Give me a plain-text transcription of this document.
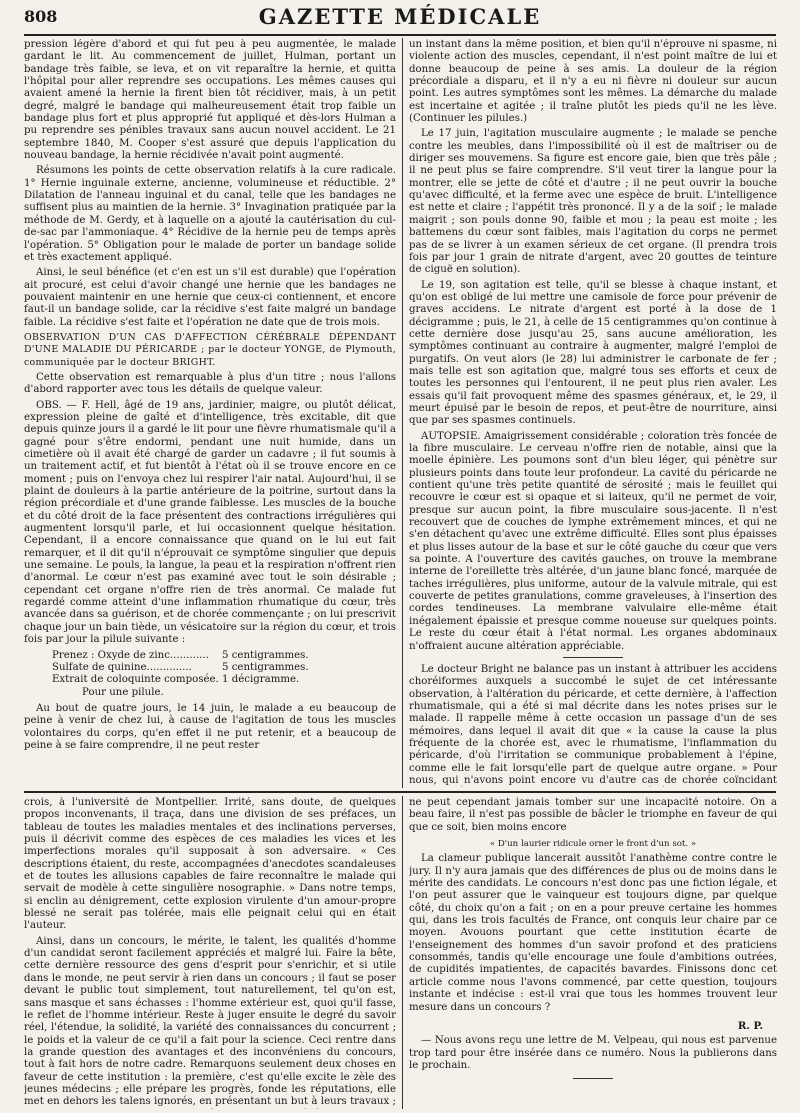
808	GAZETTE MÉDICALE

pression légère d'abord et qui fut peu à peu augmentée, le malade gardant le lit. Au commencement de juillet, Hulman, portant un bandage très faible, se leva, et on vit reparaître la hernie, et quitta l'hôpital pour aller reprendre ses occupations. Les mêmes causes qui avaient amené la hernie la firent bien tôt récidiver, mais, à un petit degré, malgré le bandage qui malheureusement était trop faible un bandage plus fort et plus approprié fut appliqué et dès-lors Hulman a pu reprendre ses pénibles travaux sans aucun nouvel accident. Le 21 septembre 1840, M. Cooper s'est assuré que depuis l'application du nouveau bandage, la hernie récidivée n'avait point augmenté.

Résumons les points de cette observation relatifs à la cure radicale. 1° Hernie inguinale externe, ancienne, volumineuse et réductible. 2° Dilatation de l'anneau inguinal et du canal, telle que les bandages ne suffisent plus au maintien de la hernie. 3° Invagination pratiquée par la méthode de M. Gerdy, et à laquelle on a ajouté la cautérisation du cul-de-sac par l'ammoniaque. 4° Récidive de la hernie peu de temps après l'opération. 5° Obligation pour le malade de porter un bandage solide et très exactement appliqué.

Ainsi, le seul bénéfice (et c'en est un s'il est durable) que l'opération ait procuré, est celui d'avoir changé une hernie que les bandages ne pouvaient maintenir en une hernie que ceux-ci contiennent, et encore faut-il un bandage solide, car la récidive s'est faite malgré un bandage faible. La récidive s'est faite et l'opération ne date que de trois mois.

OBSERVATION D'UN CAS D'AFFECTION CÉRÉBRALE DÉPENDANT D'UNE MALADIE DU PÉRICARDE ; par le docteur YONGE, de Plymouth, communiquée par le docteur BRIGHT.

Cette observation est remarquable à plus d'un titre ; nous l'allons d'abord rapporter avec tous les détails de quelque valeur.

OBS. — F. Hell, âgé de 19 ans, jardinier, maigre, ou plutôt délicat, expression pleine de gaîté et d'intelligence, très excitable, dit que depuis quinze jours il a gardé le lit pour une fièvre rhumatismale qu'il a gagné pour s'être endormi, pendant une nuit humide, dans un cimetière où il avait été chargé de garder un cadavre ; il fut soumis à un traitement actif, et fut bientôt à l'état où il se trouve encore en ce moment ; puis on l'envoya chez lui respirer l'air natal. Aujourd'hui, il se plaint de douleurs à la partie antérieure de la poitrine, surtout dans la région précordiale et d'une grande faiblesse. Les muscles de la bouche et du côté droit de la face présentent des contractions irrégulières qui augmentent lorsqu'il parle, et lui occasionnent quelque hésitation. Cependant, il a encore connaissance que quand on le lui eut fait remarquer, et il dit qu'il n'éprouvait ce symptôme singulier que depuis une semaine. Le pouls, la langue, la peau et la respiration n'offrent rien d'anormal. Le cœur n'est pas examiné avec tout le soin désirable ; cependant cet organe n'offre rien de très anormal. Ce malade fut regardé comme atteint d'une inflammation rhumatique du cœur, très avancée dans sa guérison, et de chorée commençante ; on lui prescrivit chaque jour un bain tiède, un vésicatoire sur la région du cœur, et trois fois par jour la pilule suivante :

Prenez : Oxyde de zinc............	5 centigrammes.
Sulfate de quinine..............	5 centigrammes.
Extrait de coloquinte composée. 1 décigramme.
Pour une pilule.

Au bout de quatre jours, le 14 juin, le malade a eu beaucoup de peine à venir de chez lui, à cause de l'agitation de tous les muscles volontaires du corps, qu'en effet il ne put retenir, et a beaucoup de peine à se faire comprendre, il ne peut rester

un instant dans la même position, et bien qu'il n'éprouve ni spasme, ni violente action des muscles, cependant, il n'est point maître de lui et donne beaucoup de peine à ses amis. La douleur de la région précordiale a disparu, et il n'y a eu ni fièvre ni douleur sur aucun point. Les autres symptômes sont les mêmes. La démarche du malade est incertaine et agitée ; il traîne plutôt les pieds qu'il ne les lève. (Continuer les pilules.)

Le 17 juin, l'agitation musculaire augmente ; le malade se penche contre les meubles, dans l'impossibilité où il est de maîtriser ou de diriger ses mouvemens. Sa figure est encore gaie, bien que très pâle ; il ne peut plus se faire comprendre. S'il veut tirer la langue pour la montrer, elle se jette de côté et d'autre ; il ne peut ouvrir la bouche qu'avec difficulté, et la ferme avec une espèce de bruit. L'intelligence est nette et claire ; l'appétit très prononcé. Il y a de la soif ; le malade maigrit ; son pouls donne 90, faible et mou ; la peau est moite ; les battemens du cœur sont faibles, mais l'agitation du corps ne permet pas de se livrer à un examen sérieux de cet organe. (Il prendra trois fois par jour 1 grain de nitrate d'argent, avec 20 gouttes de teinture de ciguë en solution).

Le 19, son agitation est telle, qu'il se blesse à chaque instant, et qu'on est obligé de lui mettre une camisole de force pour prévenir de graves accidens. Le nitrate d'argent est porté à la dose de 1 décigramme ; puis, le 21, à celle de 15 centigrammes qu'on continue à cette dernière dose jusqu'au 25, sans aucune amélioration, les symptômes continuant au contraire à augmenter, malgré l'emploi de purgatifs. On veut alors (le 28) lui administrer le carbonate de fer ; mais telle est son agitation que, malgré tous ses efforts et ceux de toutes les personnes qui l'entourent, il ne peut plus rien avaler. Les essais qu'il fait provoquent même des spasmes généraux, et, le 29, il meurt épuisé par le besoin de repos, et peut-être de nourriture, ainsi que par ses spasmes continuels.

AUTOPSIE. Amaigrissement considérable ; coloration très foncée de la fibre musculaire. Le cerveau n'offre rien de notable, ainsi que la moelle épinière. Les poumons sont d'un bleu léger, qui pénètre sur plusieurs points dans toute leur profondeur. La cavité du péricarde ne contient qu'une très petite quantité de sérosité ; mais le feuillet qui recouvre le cœur est si opaque et si laiteux, qu'il ne permet de voir, presque sur aucun point, la fibre musculaire sous-jacente. Il n'est recouvert que de couches de lymphe extrêmement minces, et qui ne s'en détachent qu'avec une extrême difficulté. Elles sont plus épaisses et plus lisses autour de la base et sur le côté gauche du cœur que vers sa pointe. A l'ouverture des cavités gauches, on trouve la membrane interne de l'oreillette très altérée, d'un jaune blanc foncé, marquée de taches irrégulières, plus uniforme, autour de la valvule mitrale, qui est couverte de petites granulations, comme graveleuses, à l'insertion des cordes tendineuses. La membrane valvulaire elle-même était inégalement épaissie et presque comme noueuse sur quelques points. Le reste du cœur était à l'état normal. Les organes abdominaux n'offraient aucune altération appréciable.

Le docteur Bright ne balance pas un instant à attribuer les accidens choréiformes auxquels a succombé le sujet de cet intéressante observation, à l'altération du péricarde, et cette dernière, à l'affection rhumatismale, qui a été si mal décrite dans les notes prises sur le malade. Il rappelle même à cette occasion un passage d'un de ses mémoires, dans lequel il avait dit que « la cause la cause la plus fréquente de la chorée est, avec le rhumatisme, l'inflammation du péricarde, d'où l'irritation se communique probablement à l'épine, comme elle le fait lorsqu'elle part de quelque autre organe. » Pour nous, qui n'avons point encore vu d'autre cas de chorée coïncidant

crois, à l'université de Montpellier. Irrité, sans doute, de quelques propos inconvenants, il traça, dans une division de ses préfaces, un tableau de toutes les maladies mentales et des inclinations perverses, puis il décrivit comme des espèces de ces maladies les vices et les imperfections morales qu'il supposait à son adversaire. « Ces descriptions étaient, du reste, accompagnées d'anecdotes scandaleuses et de toutes les allusions capables de faire reconnaître le malade qui servait de modèle à cette singulière nosographie. » Dans notre temps, si enclin au dénigrement, cette explosion virulente d'un amour-propre blessé ne serait pas tolérée, mais elle peignait celui qui en était l'auteur.

Ainsi, dans un concours, le mérite, le talent, les qualités d'homme d'un candidat seront facilement appréciés et malgré lui. Faire la bête, cette dernière ressource des gens d'esprit pour s'enrichir, et si utile dans le monde, ne peut servir à rien dans un concours ; il faut se poser devant le public tout simplement, tout naturellement, tel qu'on est, sans masque et sans échasses : l'homme extérieur est, quoi qu'il fasse, le reflet de l'homme intérieur. Reste à juger ensuite le degré du savoir réel, l'étendue, la solidité, la variété des connaissances du concurrent ; le poids et la valeur de ce qu'il a fait pour la science. Ceci rentre dans la grande question des avantages et des inconvéniens du concours, tout à fait hors de notre cadre. Remarquons seulement deux choses en faveur de cette institution : la première, c'est qu'elle excite le zèle des jeunes médecins ; elle prépare les progrès, fonde les réputations, elle met en dehors les talens ignorés, en présentant un but à leurs travaux ;

ne peut cependant jamais tomber sur une incapacité notoire. On a beau faire, il n'est pas possible de bâcler le triomphe en faveur de qui que ce soit, bien moins encore

« D'un laurier ridicule orner le front d'un sot. »

La clameur publique lancerait aussitôt l'anathème contre contre le jury. Il n'y aura jamais que des différences de plus ou de moins dans le mérite des candidats. Le concours n'est donc pas une fiction légale, et l'on peut assurer que le vainqueur est toujours digne, par quelque côté, du choix qu'on a fait ; on en a pour preuve certaine les hommes qui, dans les trois facultés de France, ont conquis leur chaire par ce moyen. Avouons pourtant que cette institution écarte de l'enseignement des hommes d'un savoir profond et des praticiens consommés, tandis qu'elle encourage une foule d'ambitions outrées, de cupidités impatientes, de capacités bavardes. Finissons donc cet article comme nous l'avons commencé, par cette question, toujours instante et indécise : est-il vrai que tous les hommes trouvent leur mesure dans un concours ?

R. P.

— Nous avons reçu une lettre de M. Velpeau, qui nous est parvenue trop tard pour être insérée dans ce numéro. Nous la publierons dans le prochain.
